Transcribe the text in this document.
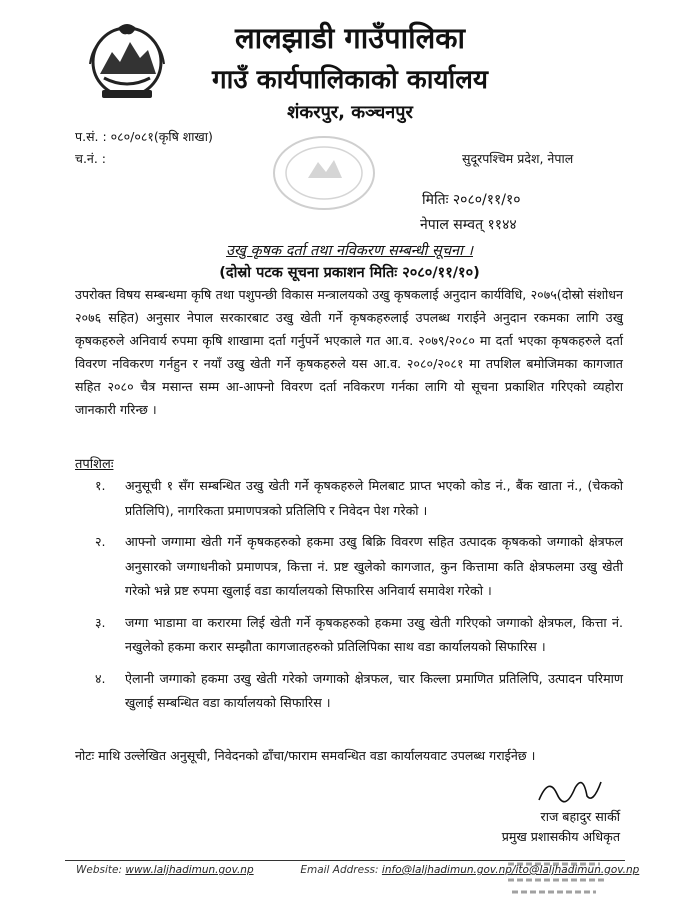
लालझाडी गाउँपालिका
गाउँ कार्यपालिकाको कार्यालय
शंकरपुर, कञ्चनपुर
प.सं. : ०८०/०८१(कृषि शाखा)
च.नं. :	सुदूरपश्चिम प्रदेश, नेपाल
मितिः २०८०/११/१०
नेपाल सम्वत् ११४४
उखु कृषक दर्ता तथा नविकरण सम्बन्धी सूचना ।
(दोस्रो पटक सूचना प्रकाशन मितिः २०८०/११/१०)
उपरोक्त विषय सम्बन्धमा कृषि तथा पशुपन्छी विकास मन्त्रालयको उखु कृषकलाई अनुदान कार्यविधि, २०७५(दोस्रो संशोधन २०७६ सहित) अनुसार नेपाल सरकारबाट उखु खेती गर्ने कृषकहरुलाई उपलब्ध गराईने अनुदान रकमका लागि उखु कृषकहरुले अनिवार्य रुपमा कृषि शाखामा दर्ता गर्नुपर्ने भएकाले गत आ.व. २०७९/२०८० मा दर्ता भएका कृषकहरुले दर्ता विवरण नविकरण गर्नहुन र नयाँ उखु खेती गर्ने कृषकहरुले यस आ.व. २०८०/२०८१ मा तपशिल बमोजिमका कागजात सहित २०८० चैत्र मसान्त सम्म आ-आफ्नो विवरण दर्ता नविकरण गर्नका लागि यो सूचना प्रकाशित गरिएको व्यहोरा जानकारी गरिन्छ ।
तपशिलः
१. अनुसूची १ सँग सम्बन्धित उखु खेती गर्ने कृषकहरुले मिलबाट प्राप्त भएको कोड नं., बैंक खाता नं., (चेकको प्रतिलिपि), नागरिकता प्रमाणपत्रको प्रतिलिपि र निवेदन पेश गरेको ।
२. आफ्नो जग्गामा खेती गर्ने कृषकहरुको हकमा उखु बिक्रि विवरण सहित उत्पादक कृषकको जग्गाको क्षेत्रफल अनुसारको जग्गाधनीको प्रमाणपत्र, कित्ता नं. प्रष्ट खुलेको कागजात, कुन कित्तामा कति क्षेत्रफलमा उखु खेती गरेको भन्ने प्रष्ट रुपमा खुलाई वडा कार्यालयको सिफारिस अनिवार्य समावेश गरेको ।
३. जग्गा भाडामा वा करारमा लिई खेती गर्ने कृषकहरुको हकमा उखु खेती गरिएको जग्गाको क्षेत्रफल, कित्ता नं. नखुलेको हकमा करार सम्झौता कागजातहरुको प्रतिलिपिका साथ वडा कार्यालयको सिफारिस ।
४. ऐलानी जग्गाको हकमा उखु खेती गरेको जग्गाको क्षेत्रफल, चार किल्ला प्रमाणित प्रतिलिपि, उत्पादन परिमाण खुलाई सम्बन्धित वडा कार्यालयको सिफारिस ।
नोटः माथि उल्लेखित अनुसूची, निवेदनको ढाँचा/फाराम समवन्धित वडा कार्यालयवाट उपलब्ध गराईनेछ ।
राज बहादुर सार्की
प्रमुख प्रशासकीय अधिकृत
Website: www.laljhadimun.gov.np	Email Address: info@laljhadimun.gov.np/ito@laljhadimun.gov.np
